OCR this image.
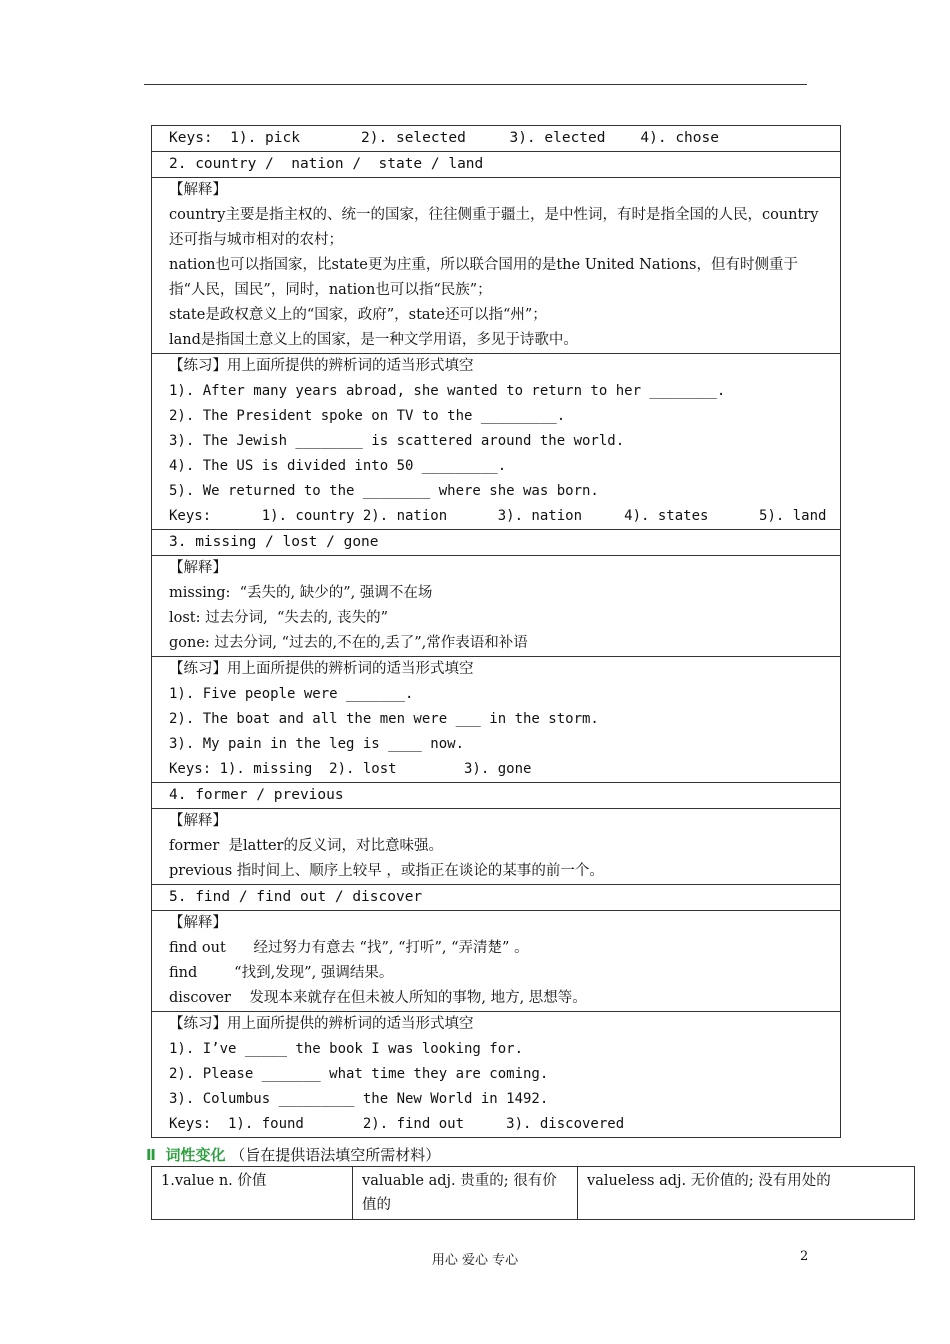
Keys:  1). pick       2). selected     3). elected    4). chose

2. country /  nation /  state / land

【解释】
country主要是指主权的、统一的国家，往往侧重于疆土，是中性词，有时是指全国的人民，country还可指与城市相对的农村；
nation也可以指国家，比state更为庄重，所以联合国用的是the United Nations，但有时侧重于指“人民，国民”，同时，nation也可以指“民族”；
state是政权意义上的“国家，政府”，state还可以指“州”；
land是指国土意义上的国家，是一种文学用语，多见于诗歌中。

【练习】用上面所提供的辨析词的适当形式填空
1). After many years abroad, she wanted to return to her ________.
2). The President spoke on TV to the _________.
3). The Jewish ________ is scattered around the world.
4). The US is divided into 50 _________.
5). We returned to the ________ where she was born.
Keys:      1). country 2). nation      3). nation     4). states      5). land

3. missing / lost / gone

【解释】
missing:  “丢失的, 缺少的”, 强调不在场
lost: 过去分词,  “失去的, 丧失的”
gone: 过去分词, “过去的,不在的,丢了”,常作表语和补语

【练习】用上面所提供的辨析词的适当形式填空
1). Five people were _______.
2). The boat and all the men were ___ in the storm.
3). My pain in the leg is ____ now.
Keys: 1). missing  2). lost        3). gone

4. former / previous

【解释】
former  是latter的反义词，对比意味强。
previous 指时间上、顺序上较早 ，或指正在谈论的某事的前一个。

5. find / find out / discover

【解释】
find out      经过努力有意去 “找”, “打听”, “弄清楚” 。
find        “找到,发现”, 强调结果。
discover    发现本来就存在但未被人所知的事物, 地方, 思想等。

【练习】用上面所提供的辨析词的适当形式填空
1). I’ve _____ the book I was looking for.
2). Please _______ what time they are coming.
3). Columbus _________ the New World in 1492.
Keys:  1). found       2). find out     3). discovered
Ⅱ 词性变化 （旨在提供语法填空所需材料）
1.value n. 价值	valuable adj. 贵重的; 很有价值的	valueless adj. 无价值的; 没有用处的
用心 爱心 专心	2
